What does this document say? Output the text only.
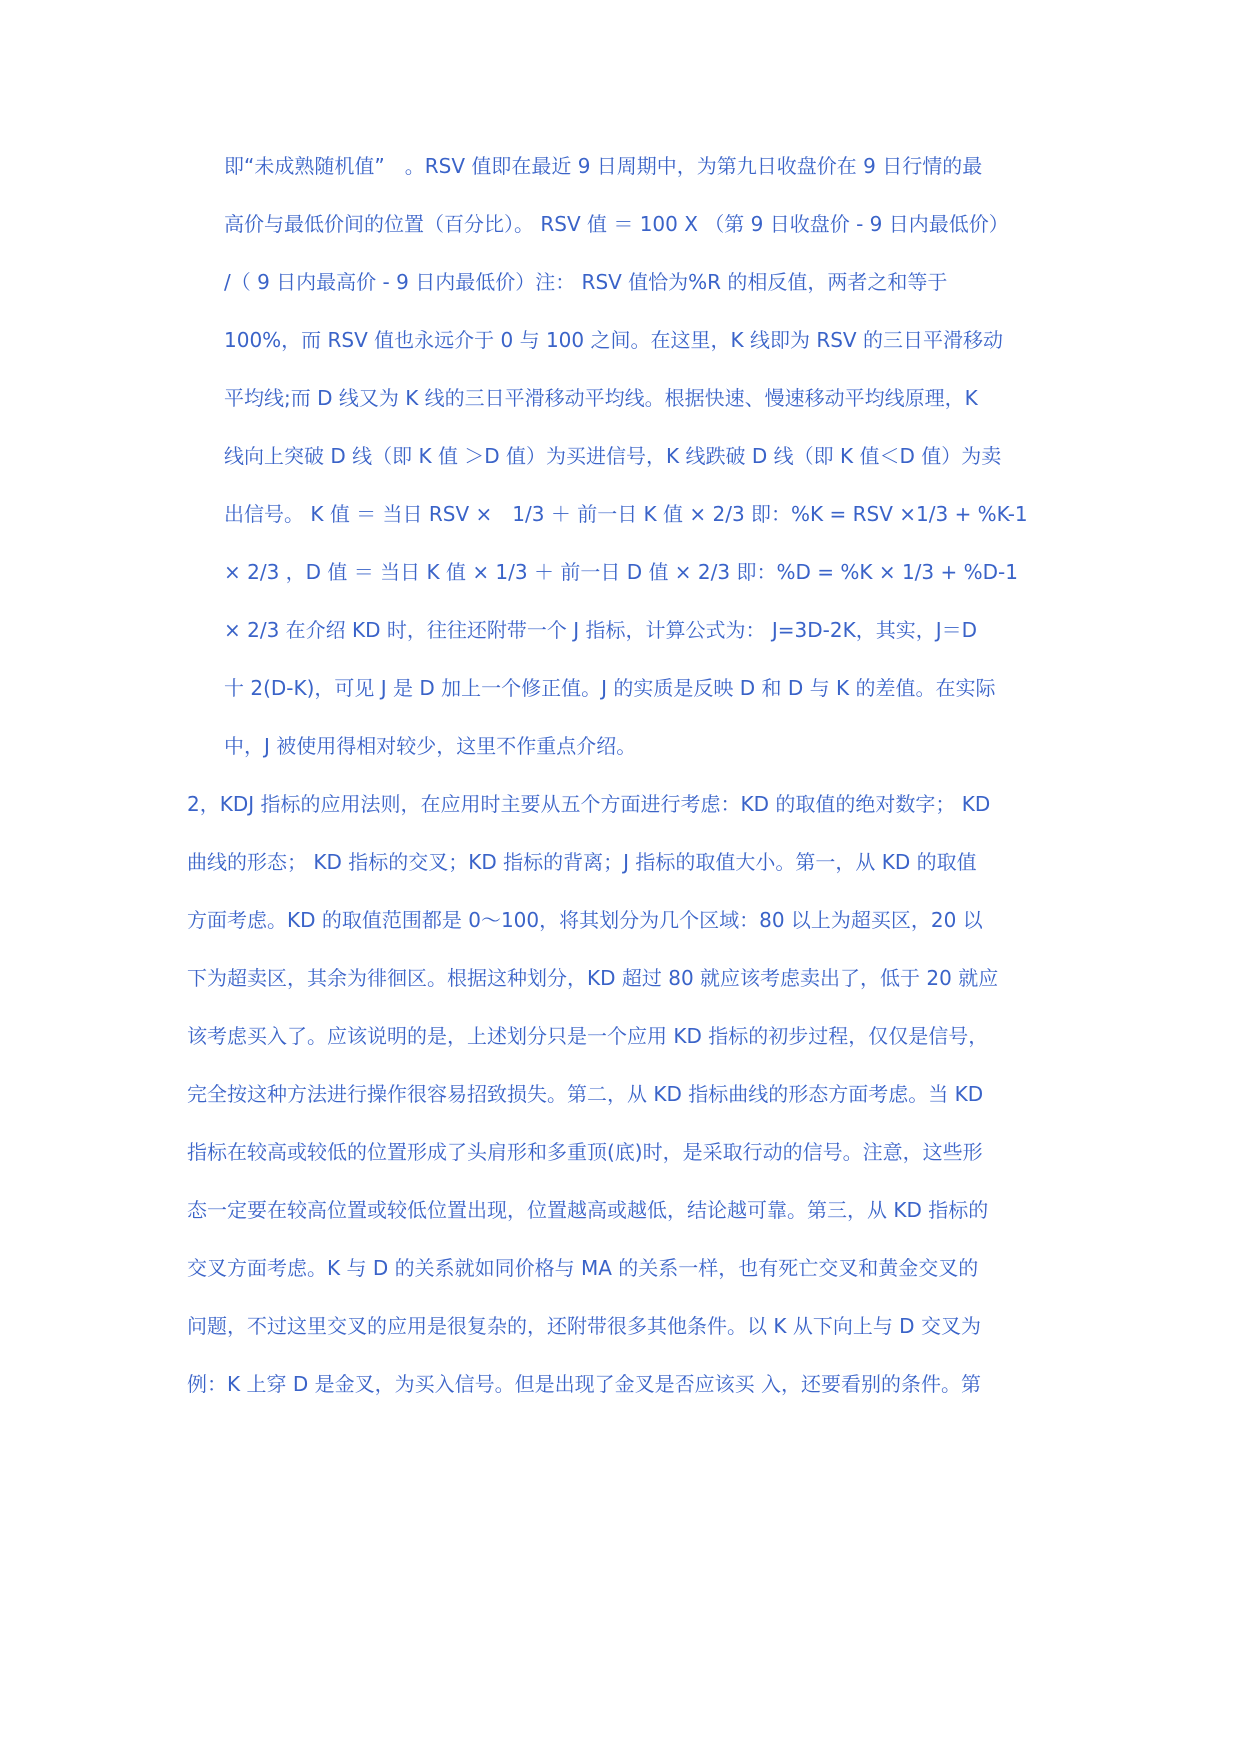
即“未成熟随机值”　。RSV 值即在最近 9 日周期中，为第九日收盘价在 9 日行情的最
高价与最低价间的位置（百分比）。 RSV 值 ＝ 100 Х （第 9 日收盘价 - 9 日内最低价）
/（ 9 日内最高价 - 9 日内最低价）注： RSV 值恰为%R 的相反值，两者之和等于
100%，而 RSV 值也永远介于 0 与 100 之间。在这里，K 线即为 RSV 的三日平滑移动
平均线;而 D 线又为 K 线的三日平滑移动平均线。根据快速、慢速移动平均线原理，K
线向上突破 D 线（即 K 值 ＞D 值）为买进信号，K 线跌破 D 线（即 K 值＜D 值）为卖
出信号。 K 值 ＝ 当日 RSV ×　1/3 ＋ 前一日 K 值 × 2/3 即：%K = RSV ×1/3 + %K-1
× 2/3 ，D 值 ＝ 当日 K 值 × 1/3 ＋ 前一日 D 值 × 2/3 即：%D = %K × 1/3 + %D-1
× 2/3 在介绍 KD 时，往往还附带一个 J 指标，计算公式为： J=3D-2K，其实，J＝D
十 2(D-K)，可见 J 是 D 加上一个修正值。J 的实质是反映 D 和 D 与 K 的差值。在实际
中，J 被使用得相对较少，这里不作重点介绍。
2，KDJ 指标的应用法则，在应用时主要从五个方面进行考虑：KD 的取值的绝对数字； KD
曲线的形态； KD 指标的交叉；KD 指标的背离；J 指标的取值大小。第一，从 KD 的取值
方面考虑。KD 的取值范围都是 0～100，将其划分为几个区域：80 以上为超买区，20 以
下为超卖区，其余为徘徊区。根据这种划分，KD 超过 80 就应该考虑卖出了，低于 20 就应
该考虑买入了。应该说明的是，上述划分只是一个应用 KD 指标的初步过程，仅仅是信号，
完全按这种方法进行操作很容易招致损失。第二，从 KD 指标曲线的形态方面考虑。当 KD
指标在较高或较低的位置形成了头肩形和多重顶(底)时，是采取行动的信号。注意，这些形
态一定要在较高位置或较低位置出现，位置越高或越低，结论越可靠。第三，从 KD 指标的
交叉方面考虑。K 与 D 的关系就如同价格与 MA 的关系一样，也有死亡交叉和黄金交叉的
问题，不过这里交叉的应用是很复杂的，还附带很多其他条件。以 K 从下向上与 D 交叉为
例：K 上穿 D 是金叉，为买入信号。但是出现了金叉是否应该买 入，还要看别的条件。第
